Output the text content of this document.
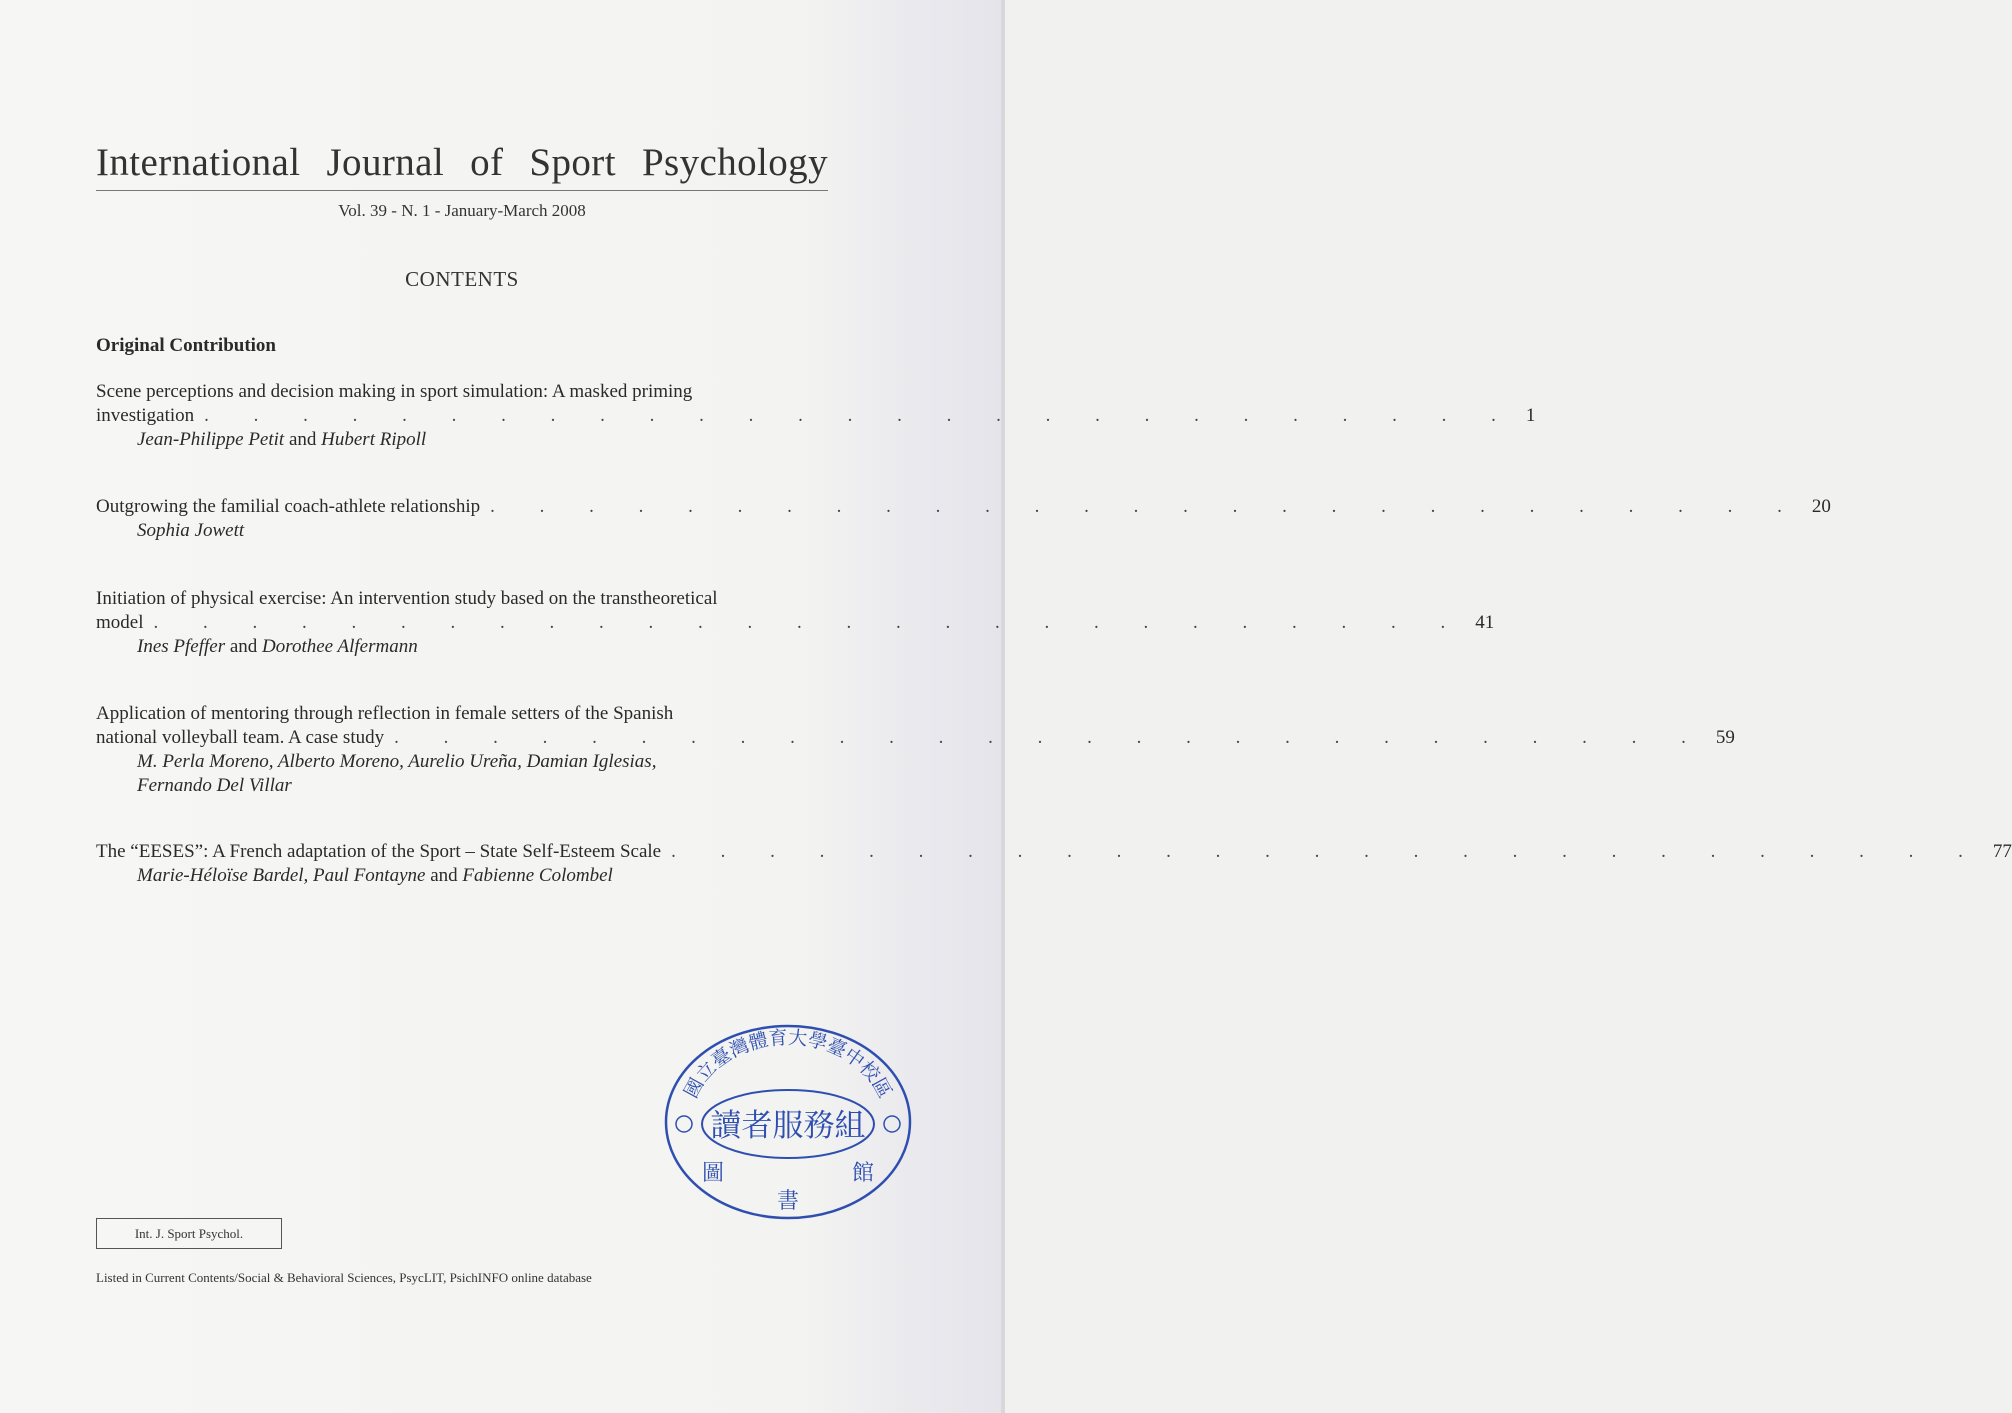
International Journal of Sport Psychology
Vol. 39 - N. 1 - January-March 2008
CONTENTS
Original Contribution
Scene perceptions and decision making in sport simulation: A masked priming
investigation . . . . . . . . . . . . . . . . . . . . . . . . . . . 1
Jean-Philippe Petit and Hubert Ripoll
Outgrowing the familial coach-athlete relationship . . . . . . . . . . . . . . . . . . . . . . . . . . . 20
Sophia Jowett
Initiation of physical exercise: An intervention study based on the transtheoretical
model . . . . . . . . . . . . . . . . . . . . . . . . . . . 41
Ines Pfeffer and Dorothee Alfermann
Application of mentoring through reflection in female setters of the Spanish
national volleyball team. A case study . . . . . . . . . . . . . . . . . . . . . . . . . . . 59
M. Perla Moreno, Alberto Moreno, Aurelio Ureña, Damian Iglesias,
Fernando Del Villar
The “EESES”: A French adaptation of the Sport – State Self-Esteem Scale . . . . . . . . . . . . . . . . . . . . . . . . . . . 77
Marie-Héloïse Bardel, Paul Fontayne and Fabienne Colombel
國立臺灣體育大學臺中校區
讀者服務組
圖
書
館
Int. J. Sport Psychol.
Listed in Current Contents/Social & Behavioral Sciences, PsycLIT, PsichINFO online database
